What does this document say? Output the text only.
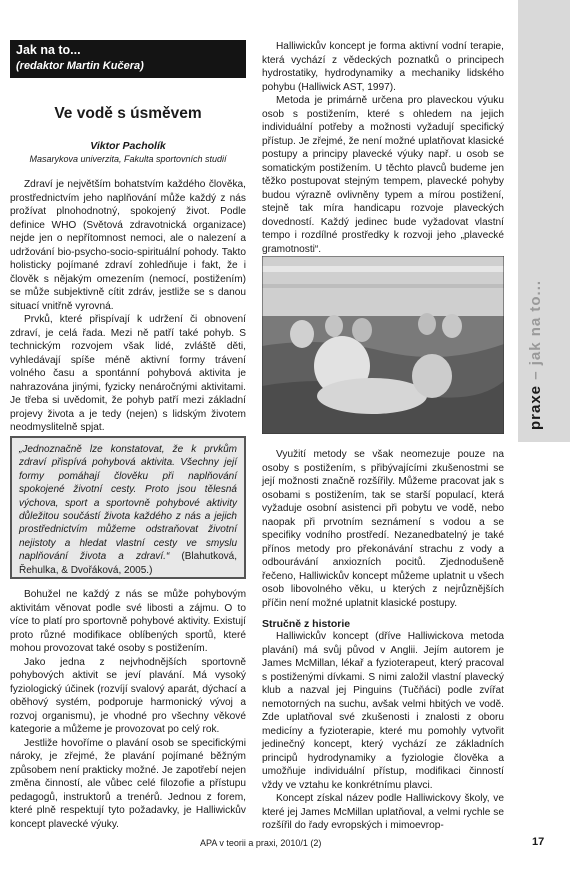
Jak na to...
(redaktor Martin Kučera)
Ve vodě s úsměvem
Viktor Pacholík
Masarykova univerzita, Fakulta sportovních studií

Zdraví je největším bohatstvím každého člověka, prostřednictvím jeho naplňování může každý z nás prožívat plnohodnotný, spokojený život. Podle definice WHO (Světová zdravotnická organizace) nejde jen o nepřítomnost nemoci, ale o nalezení a udržování bio-psycho-socio-spirituální pohody. Takto holisticky pojímané zdraví zohledňuje i fakt, že i člověk s nějakým omezením (nemocí, postižením) se může subjektivně cítit zdráv, jestliže se s danou situací vnitřně vyrovná.

Prvků, které přispívají k udržení či obnovení zdraví, je celá řada. Mezi ně patří také pohyb. S technickým rozvojem však lidé, zvláště děti, vyhledávají spíše méně aktivní formy trávení volného času a spontánní pohybová aktivita je nahrazována jinými, fyzicky nenáročnými aktivitami. Je třeba si uvědomit, že pohyb patří mezi základní projevy života a je tedy (nejen) s lidským životem neodmyslitelně spjat.

„Jednoznačně lze konstatovat, že k prvkům zdraví přispívá pohybová aktivita. Všechny její formy pomáhají člověku při naplňování spokojené životní cesty. Proto jsou tělesná výchova, sport a sportovně pohybové aktivity důležitou součástí života každého z nás a jejich prostřednictvím můžeme odstraňovat životní nejistoty a hledat vlastní cesty ve smyslu naplňování života a zdraví.“ (Blahutková, Řehulka, & Dvořáková, 2005.)

Bohužel ne každý z nás se může pohybovým aktivitám věnovat podle své libosti a zájmu. O to více to platí pro sportovně pohybové aktivity. Existují proto různé modifikace oblíbených sportů, které mohou provozovat také osoby s postižením.

Jako jedna z nejvhodnějších sportovně pohybových aktivit se jeví plavání. Má vysoký fyziologický účinek (rozvíjí svalový aparát, dýchací a oběhový systém, podporuje harmonický vývoj a rozvoj organismu), je vhodné pro všechny věkové kategorie a můžeme je provozovat po celý rok.

Jestliže hovoříme o plavání osob se specifickými nároky, je zřejmé, že plavání pojímané běžným způsobem není prakticky možné. Je zapotřebí nejen změna činností, ale vůbec celé filozofie a přístupu pedagogů, instruktorů a trenérů. Jednou z forem, které plně respektují tyto požadavky, je Halliwickův koncept plavecké výuky.

Halliwickův koncept je forma aktivní vodní terapie, která vychází z vědeckých poznatků o principech hydrostatiky, hydrodynamiky a mechaniky lidského pohybu (Halliwick AST, 1997).

Metoda je primárně určena pro plaveckou výuku osob s postižením, které s ohledem na jejich individuální potřeby a možnosti vyžadují specifický přístup. Je zřejmé, že není možné uplatňovat klasické postupy a principy plavecké výuky např. u osob se somatickým postižením. U těchto plavců budeme jen těžko postupovat stejným tempem, plavecké pohyby budou výrazně ovlivněny typem a mírou postižení, stejně tak míra handicapu rozvoje plaveckých dovedností. Každý jedinec bude vyžadovat vlastní tempo i rozdílné prostředky k rozvoji jeho „plavecké gramotnosti“.

Využití metody se však neomezuje pouze na osoby s postižením, s přibývajícími zkušenostmi se její možnosti značně rozšířily. Můžeme pracovat jak s osobami s postižením, tak se starší populací, která vyžaduje osobní asistenci při pobytu ve vodě, nebo naopak při prvotním seznámení s vodou a se specifiky vodního prostředí. Nezanedbatelný je také přínos metody pro překonávání strachu z vody a odbourávání anxiozních pocitů. Zjednodušeně řečeno, Halliwickův koncept můžeme uplatnit u všech osob libovolného věku, u kterých z nejrůznějších příčin není možné uplatnit klasické postupy.

Stručně z historie

Halliwickův koncept (dříve Halliwickova metoda plavání) má svůj původ v Anglii. Jejím autorem je James McMillan, lékař a fyzioterapeut, který pracoval s postiženými dívkami. S nimi založil vlastní plavecký klub a nazval jej Pinguins (Tučňáci) podle zvířat nemotorných na suchu, avšak velmi hbitých ve vodě. Zde uplatňoval své zkušenosti i znalosti z oboru medicíny a fyzioterapie, které mu pomohly vytvořit jedinečný koncept, který vychází ze základních principů hydrodynamiky a fyziologie člověka a umožňuje individuální přístup, modifikaci činností vždy ve vztahu ke konkrétnímu plavci.

Koncept získal název podle Halliwickovy školy, ve které jej James McMillan uplatňoval, a velmi rychle se rozšířil do řady evropských i mimoevrop-

praxe – jak na to...
APA v teorii a praxi, 2010/1 (2)	17
